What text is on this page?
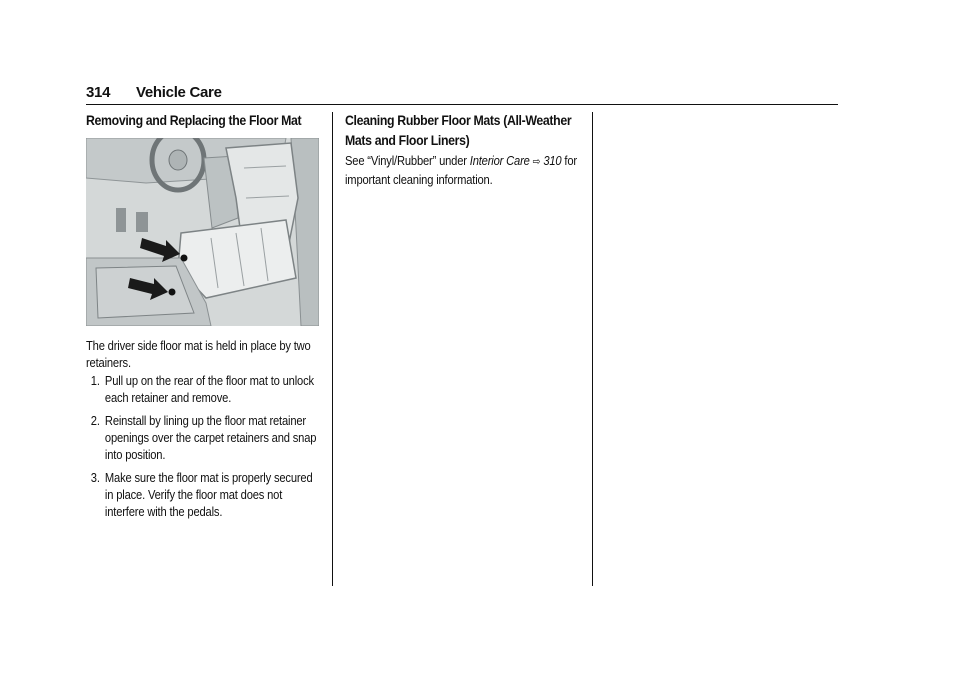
314 Vehicle Care
Removing and Replacing the Floor Mat
The driver side floor mat is held in place by two retainers.
1. Pull up on the rear of the floor mat to unlock each retainer and remove.
2. Reinstall by lining up the floor mat retainer openings over the carpet retainers and snap into position.
3. Make sure the floor mat is properly secured in place. Verify the floor mat does not interfere with the pedals.
Cleaning Rubber Floor Mats (All-Weather Mats and Floor Liners)
See “Vinyl/Rubber” under Interior Care ⇨ 310 for important cleaning information.
